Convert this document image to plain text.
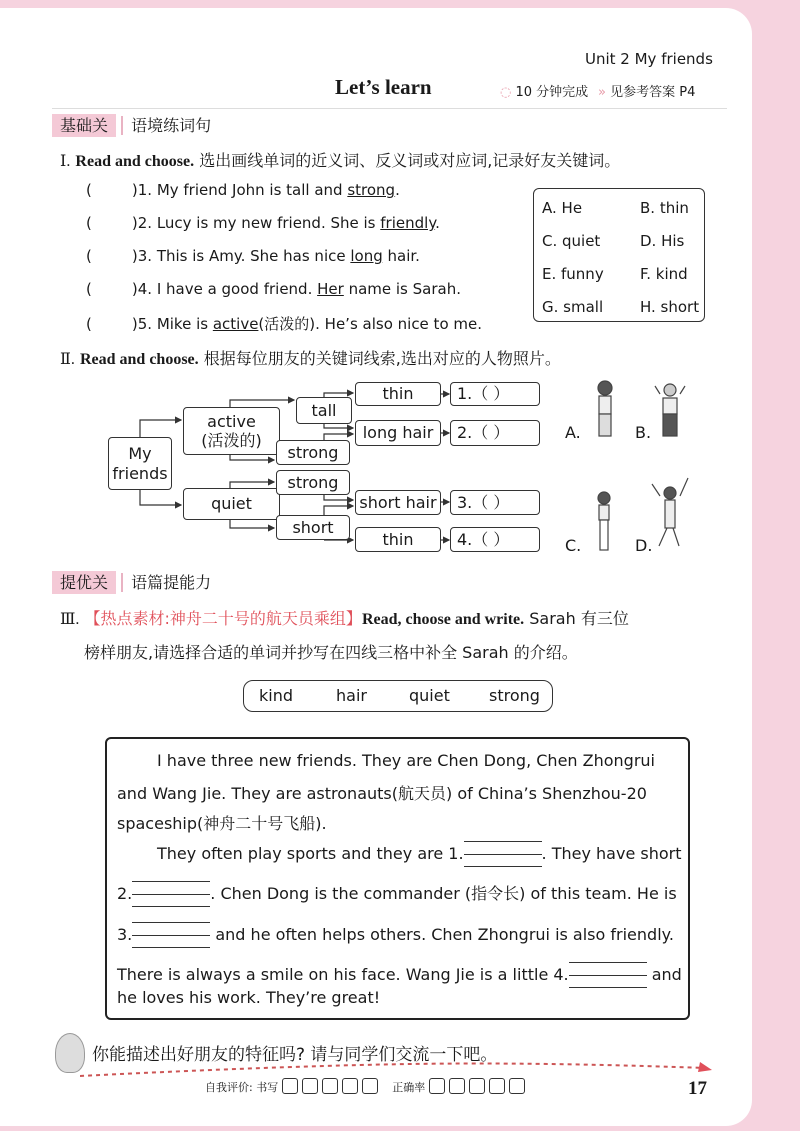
Unit 2 My friends
Let’s learn	◌ 10 分钟完成 » 见参考答案 P4
基础关 语境练词句
Ⅰ. Read and choose. 选出画线单词的近义词、反义词或对应词,记录好友关键词。
(	)1. My friend John is tall and strong.
(	)2. Lucy is my new friend. She is friendly.
(	)3. This is Amy. She has nice long hair.
(	)4. I have a good friend. Her name is Sarah.
(	)5. Mike is active(活泼的). He’s also nice to me.
A. He	B. thin
C. quiet	D. His
E. funny F. kind
G. small H. short
Ⅱ. Read and choose. 根据每位朋友的关键词线索,选出对应的人物照片。
My friends
active
(活泼的)
quiet
tall
strong
strong
short
thin
long hair
short hair
thin
1.（ ）
2.（ ）
3.（ ）
4.（ ）
A.	B.
C.	D.
提优关 语篇提能力
Ⅲ. 【热点素材:神舟二十号的航天员乘组】Read, choose and write. Sarah 有三位
榜样朋友,请选择合适的单词并抄写在四线三格中补全 Sarah 的介绍。
kind	hair	quiet strong
I have three new friends. They are Chen Dong, Chen Zhongrui
and Wang Jie. They are astronauts(航天员) of China’s Shenzhou-20
spaceship(神舟二十号飞船).
They often play sports and they are 1.	. They have short
2.	. Chen Dong is the commander (指令长) of this team. He is
3.	and he often helps others. Chen Zhongrui is also friendly.
There is always a smile on his face. Wang Jie is a little 4.	and
he loves his work. They’re great!
你能描述出好朋友的特征吗? 请与同学们交流一下吧。
自我评价: 书写	正确率	17
